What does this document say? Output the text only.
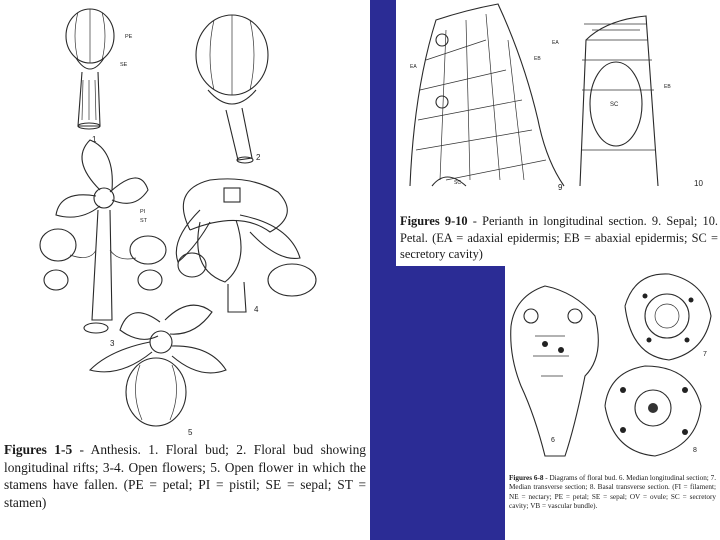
PE
SE
1
2
PI
ST
3
4
5
Figures 1-5 - Anthesis. 1. Floral bud; 2. Floral bud showing longitudinal rifts; 3-4. Open flowers; 5. Open flower in which the stamens have fallen. (PE = petal; PI = pistil; SE = sepal; ST = stamen)
EA
EB
SC	9
EA
EB
SC
10
Figures 9-10 - Perianth in longitudinal section. 9. Sepal; 10. Petal. (EA = adaxial epidermis; EB = abaxial epidermis; SC = secretory cavity)
6
7
8
Figures 6-8 - Diagrams of floral bud. 6. Median longitudinal section; 7. Median transverse section; 8. Basal transverse section. (FI = filament; NE = nectary; PE = petal; SE = sepal; OV = ovule; SC = secretory cavity; VB = vascular bundle).
